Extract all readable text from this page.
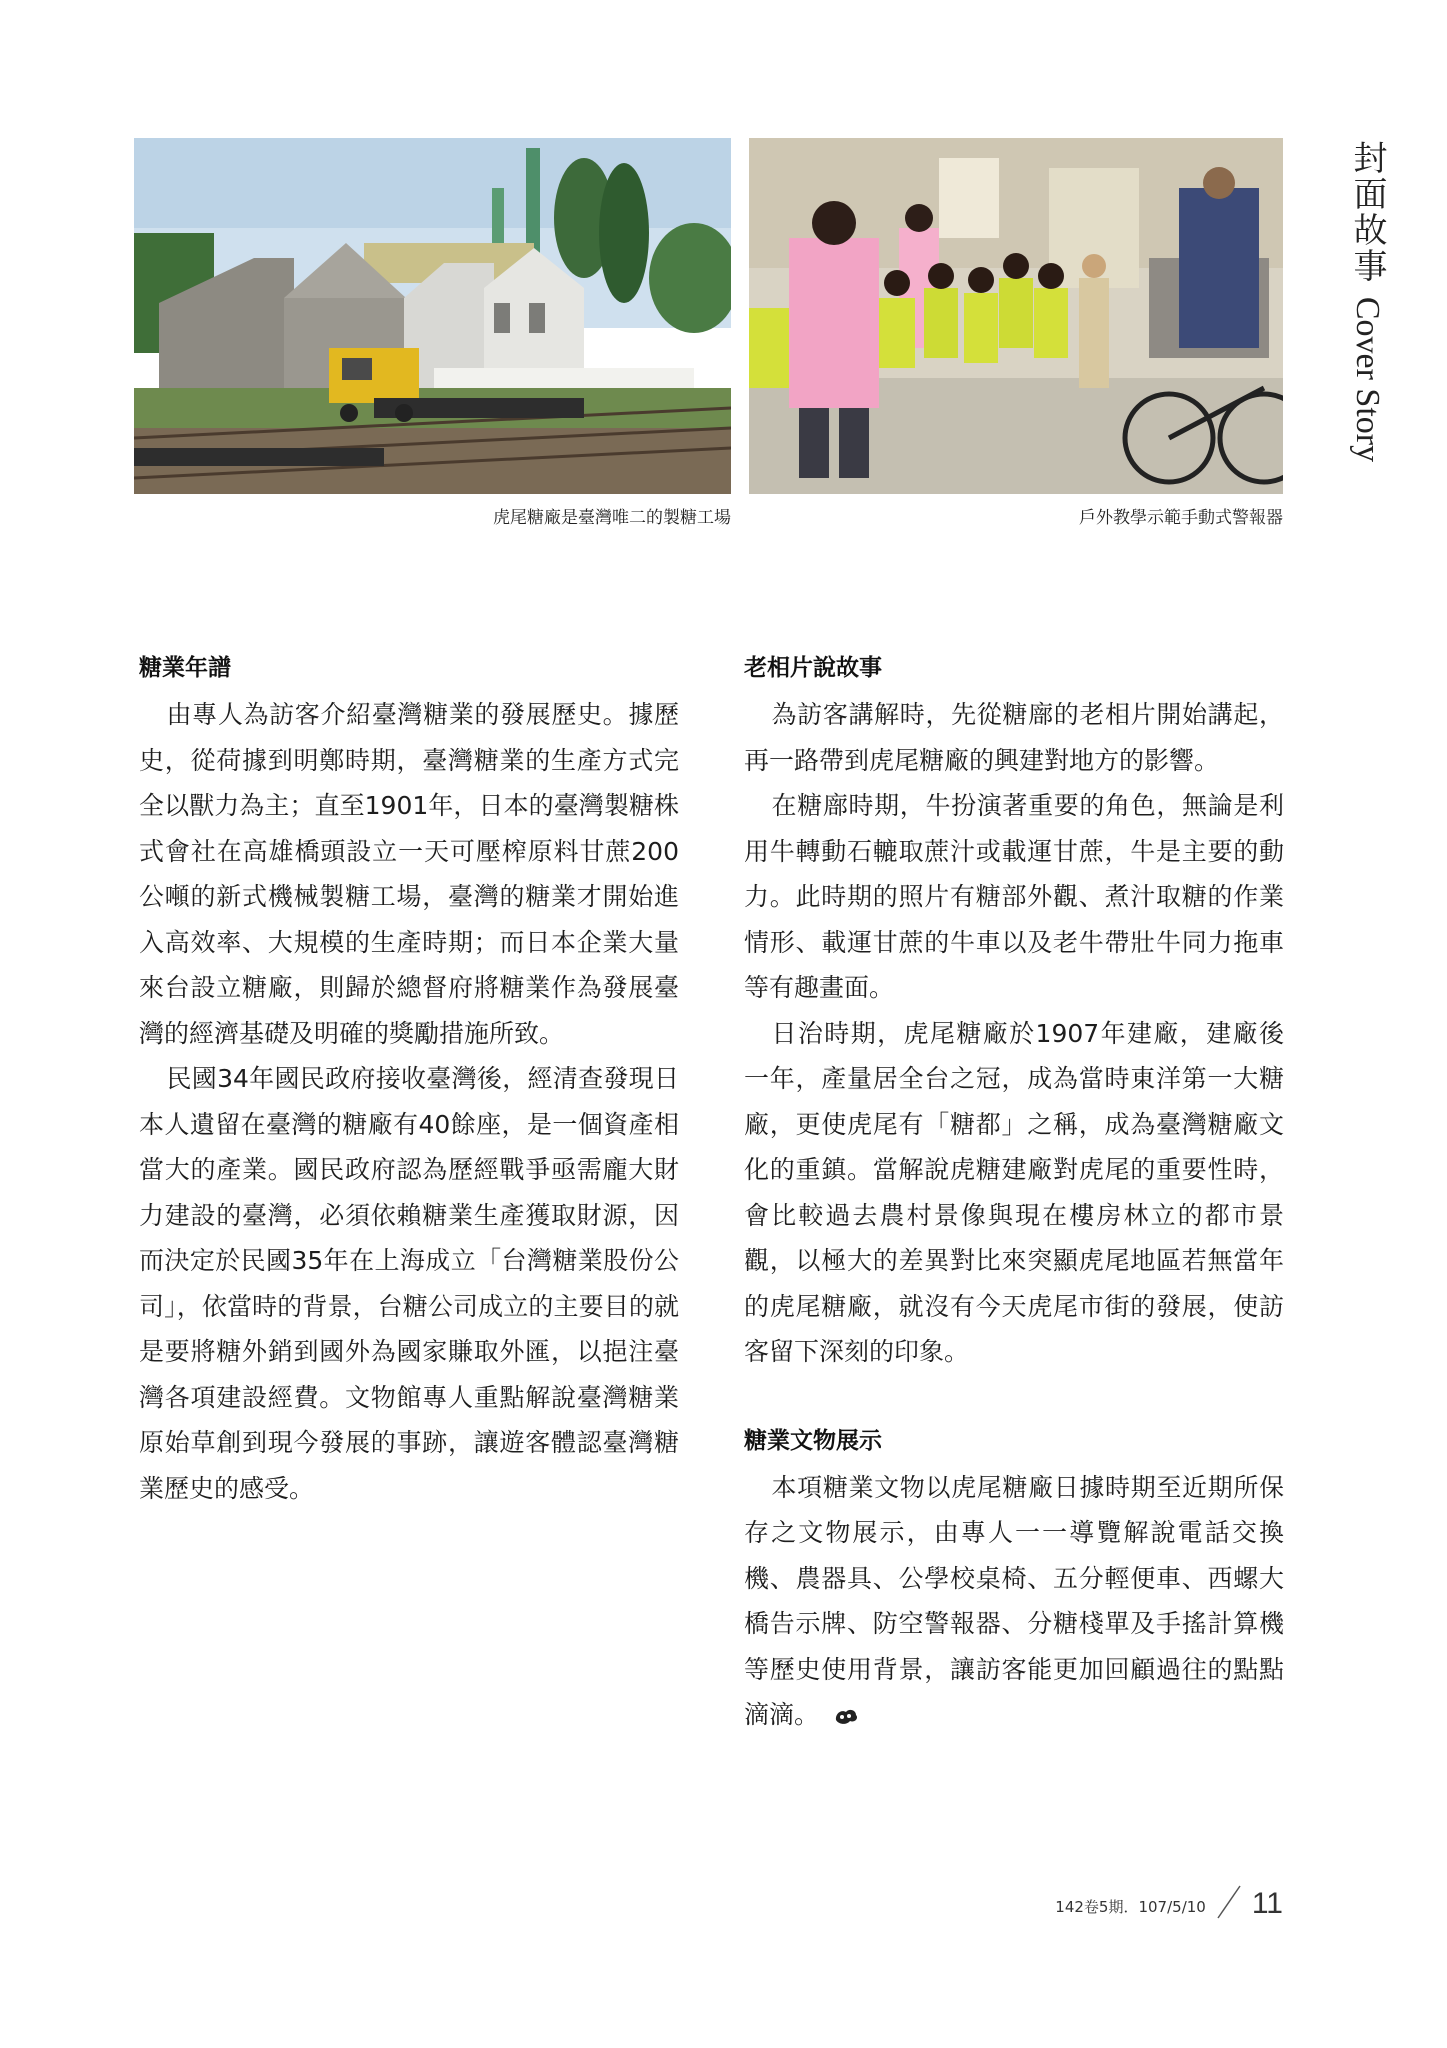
虎尾糖廠是臺灣唯二的製糖工場	戶外教學示範手動式警報器
封面故事 Cover Story
糖業年譜

由專人為訪客介紹臺灣糖業的發展歷史。據歷史，從荷據到明鄭時期，臺灣糖業的生產方式完全以獸力為主；直至1901年，日本的臺灣製糖株式會社在高雄橋頭設立一天可壓榨原料甘蔗200公噸的新式機械製糖工場，臺灣的糖業才開始進入高效率、大規模的生產時期；而日本企業大量來台設立糖廠，則歸於總督府將糖業作為發展臺灣的經濟基礎及明確的獎勵措施所致。

民國34年國民政府接收臺灣後，經清查發現日本人遺留在臺灣的糖廠有40餘座，是一個資產相當大的產業。國民政府認為歷經戰爭亟需龐大財力建設的臺灣，必須依賴糖業生產獲取財源，因而決定於民國35年在上海成立「台灣糖業股份公司」，依當時的背景，台糖公司成立的主要目的就是要將糖外銷到國外為國家賺取外匯，以挹注臺灣各項建設經費。文物館專人重點解說臺灣糖業原始草創到現今發展的事跡，讓遊客體認臺灣糖業歷史的感受。

老相片說故事

為訪客講解時，先從糖廍的老相片開始講起，再一路帶到虎尾糖廠的興建對地方的影響。

在糖廍時期，牛扮演著重要的角色，無論是利用牛轉動石轆取蔗汁或載運甘蔗，牛是主要的動力。此時期的照片有糖部外觀、煮汁取糖的作業情形、載運甘蔗的牛車以及老牛帶壯牛同力拖車等有趣畫面。

日治時期，虎尾糖廠於1907年建廠，建廠後一年，產量居全台之冠，成為當時東洋第一大糖廠，更使虎尾有「糖都」之稱，成為臺灣糖廠文化的重鎮。當解說虎糖建廠對虎尾的重要性時，會比較過去農村景像與現在樓房林立的都市景觀，以極大的差異對比來突顯虎尾地區若無當年的虎尾糖廠，就沒有今天虎尾市街的發展，使訪客留下深刻的印象。

糖業文物展示

本項糖業文物以虎尾糖廠日據時期至近期所保存之文物展示，由專人一一導覽解說電話交換機、農器具、公學校桌椅、五分輕便車、西螺大橋告示牌、防空警報器、分糖棧單及手搖計算機等歷史使用背景，讓訪客能更加回顧過往的點點滴滴。

142卷5期．107/5/10 11
